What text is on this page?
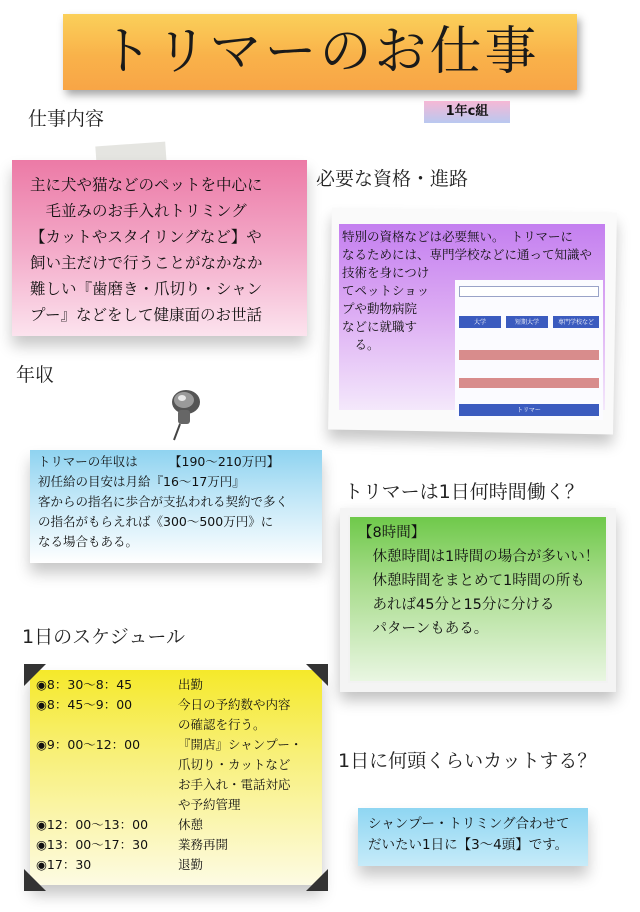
トリマーのお仕事
1年c組
仕事内容

主に犬や猫などのペットを中心に

　毛並みのお手入れトリミング

【カットやスタイリングなど】や

飼い主だけで行うことがなかなか

難しい『歯磨き・爪切り・シャン

プー』などをして健康面のお世話

必要な資格・進路

特別の資格などは必要無い。　トリマーに

なるためには、専門学校などに通って知識や

技術を身につけ

てペットショッ

プや動物病院

などに就職す

　る。

大学	短期大学	専門学校など
トリマー
年収

トリマーの年収は　　　【190〜210万円】

初任給の目安は月給『16〜17万円』

客からの指名に歩合が支払われる契約で多く

の指名がもらえれば《300〜500万円》に

なる場合もある。

トリマーは1日何時間働く？

【8時間】

　休憩時間は1時間の場合が多いい！

　休憩時間をまとめて1時間の所も

　あれば45分と15分に分ける

　パターンもある。

1日のスケジュール
◉8：30〜8：45	出勤
◉8：45〜9：00	今日の予約数や内容
の確認を行う。
◉9：00〜12：00	『開店』シャンプー・
爪切り・カットなど
お手入れ・電話対応
や予約管理
◉12：00〜13：00 休憩
◉13：00〜17：30 業務再開
◉17：30	退勤
1日に何頭くらいカットする？

シャンプー・トリミング合わせて

だいたい1日に【3〜4頭】です。
